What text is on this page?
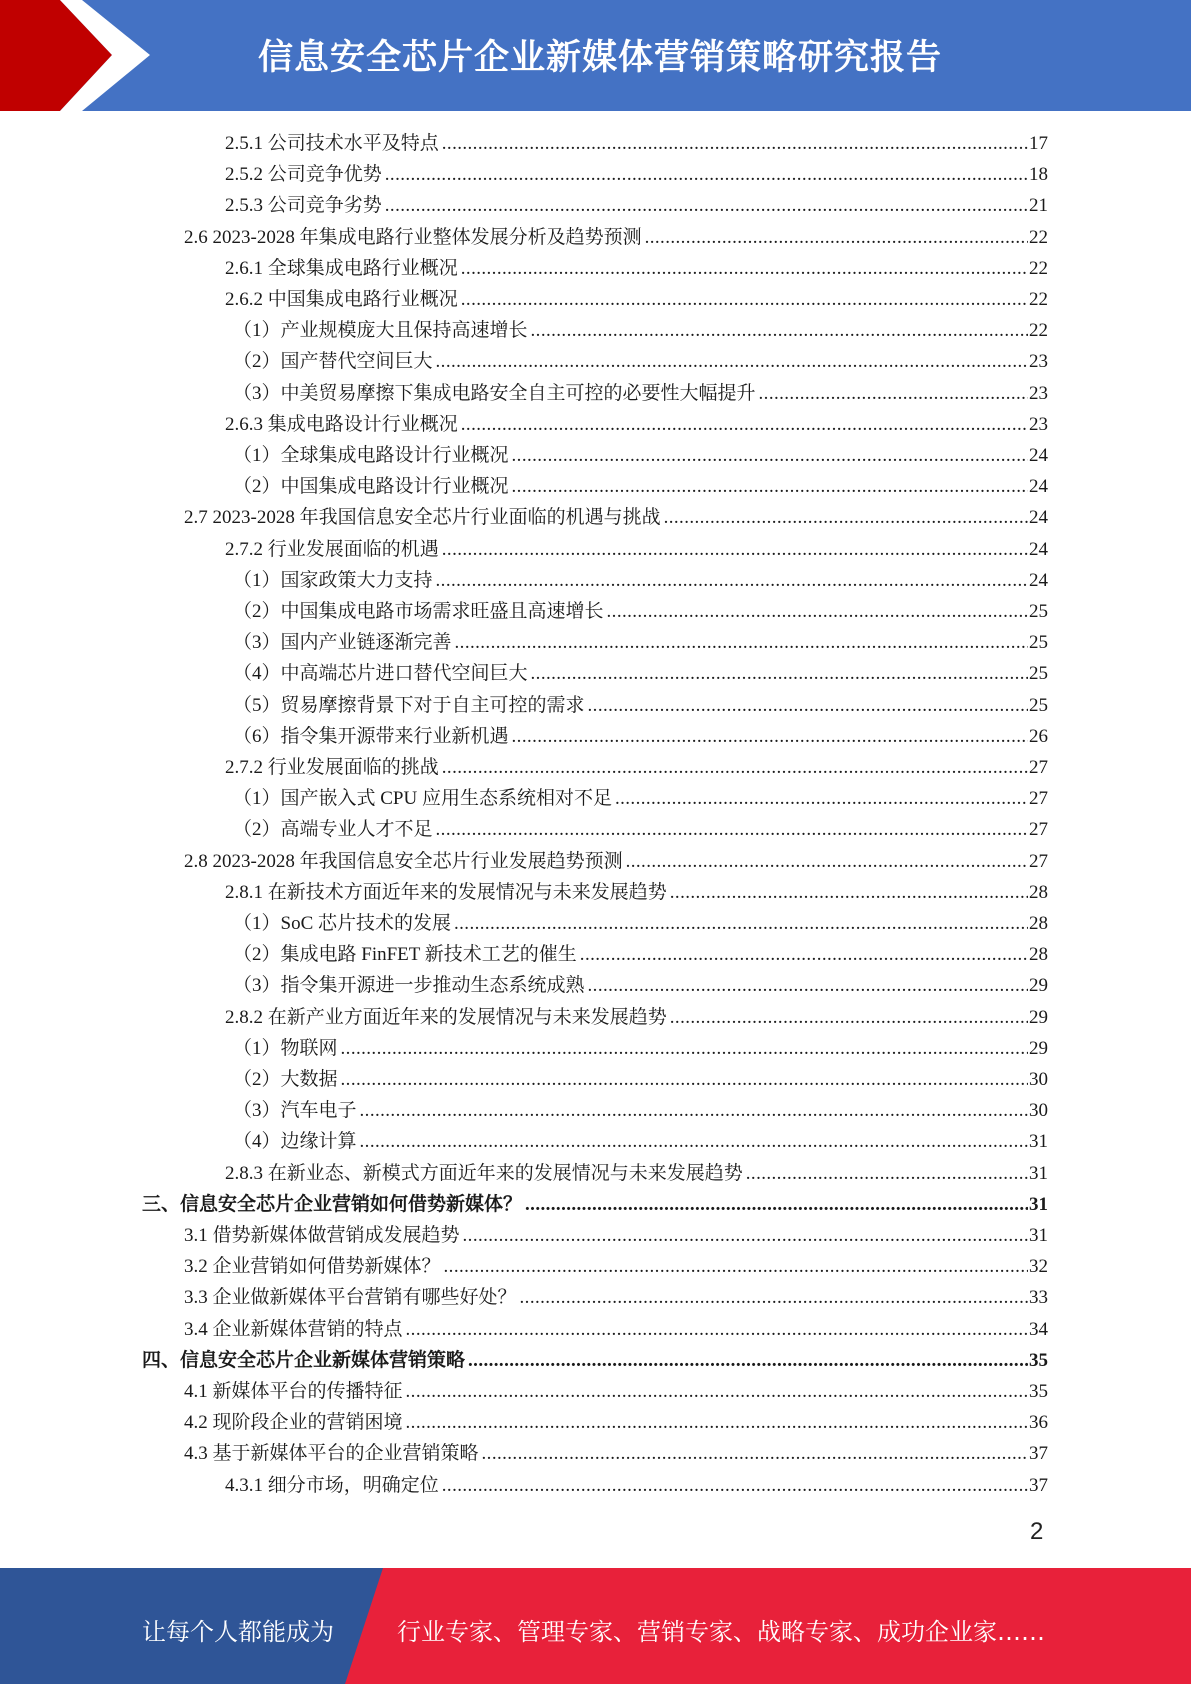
信息安全芯片企业新媒体营销策略研究报告
2.5.1 公司技术水平及特点 .....	17
2.5.2 公司竞争优势 .....	18
2.5.3 公司竞争劣势 .....	21
2.6 2023-2028 年集成电路行业整体发展分析及趋势预测 .....	22
2.6.1 全球集成电路行业概况 .....	22
2.6.2 中国集成电路行业概况 .....	22
（1）产业规模庞大且保持高速增长 .....	22
（2）国产替代空间巨大 .....	23
（3）中美贸易摩擦下集成电路安全自主可控的必要性大幅提升 .....	23
2.6.3 集成电路设计行业概况 .....	23
（1）全球集成电路设计行业概况 .....	24
（2）中国集成电路设计行业概况 .....	24
2.7 2023-2028 年我国信息安全芯片行业面临的机遇与挑战 .....	24
2.7.2 行业发展面临的机遇 .....	24
（1）国家政策大力支持 .....	24
（2）中国集成电路市场需求旺盛且高速增长 .....	25
（3）国内产业链逐渐完善 .....	25
（4）中高端芯片进口替代空间巨大 .....	25
（5）贸易摩擦背景下对于自主可控的需求 .....	25
（6）指令集开源带来行业新机遇 .....	26
2.7.2 行业发展面临的挑战 .....	27
（1）国产嵌入式 CPU 应用生态系统相对不足 .....	27
（2）高端专业人才不足 .....	27
2.8 2023-2028 年我国信息安全芯片行业发展趋势预测 .....	27
2.8.1 在新技术方面近年来的发展情况与未来发展趋势 .....	28
（1）SoC 芯片技术的发展 .....	28
（2）集成电路 FinFET 新技术工艺的催生 .....	28
（3）指令集开源进一步推动生态系统成熟 .....	29
2.8.2 在新产业方面近年来的发展情况与未来发展趋势 .....	29
（1）物联网 .....	29
（2）大数据 .....	30
（3）汽车电子 .....	30
（4）边缘计算 .....	31
2.8.3 在新业态、新模式方面近年来的发展情况与未来发展趋势 .....	31
三、信息安全芯片企业营销如何借势新媒体？ .....	31
3.1 借势新媒体做营销成发展趋势 .....	31
3.2 企业营销如何借势新媒体？ .....	32
3.3 企业做新媒体平台营销有哪些好处？ .....	33
3.4 企业新媒体营销的特点 .....	34
四、信息安全芯片企业新媒体营销策略 .....	35
4.1 新媒体平台的传播特征 .....	35
4.2 现阶段企业的营销困境 .....	36
4.3 基于新媒体平台的企业营销策略 .....	37
4.3.1 细分市场，明确定位 .....	37
2
让每个人都能成为	行业专家、管理专家、营销专家、战略专家、成功企业家……
